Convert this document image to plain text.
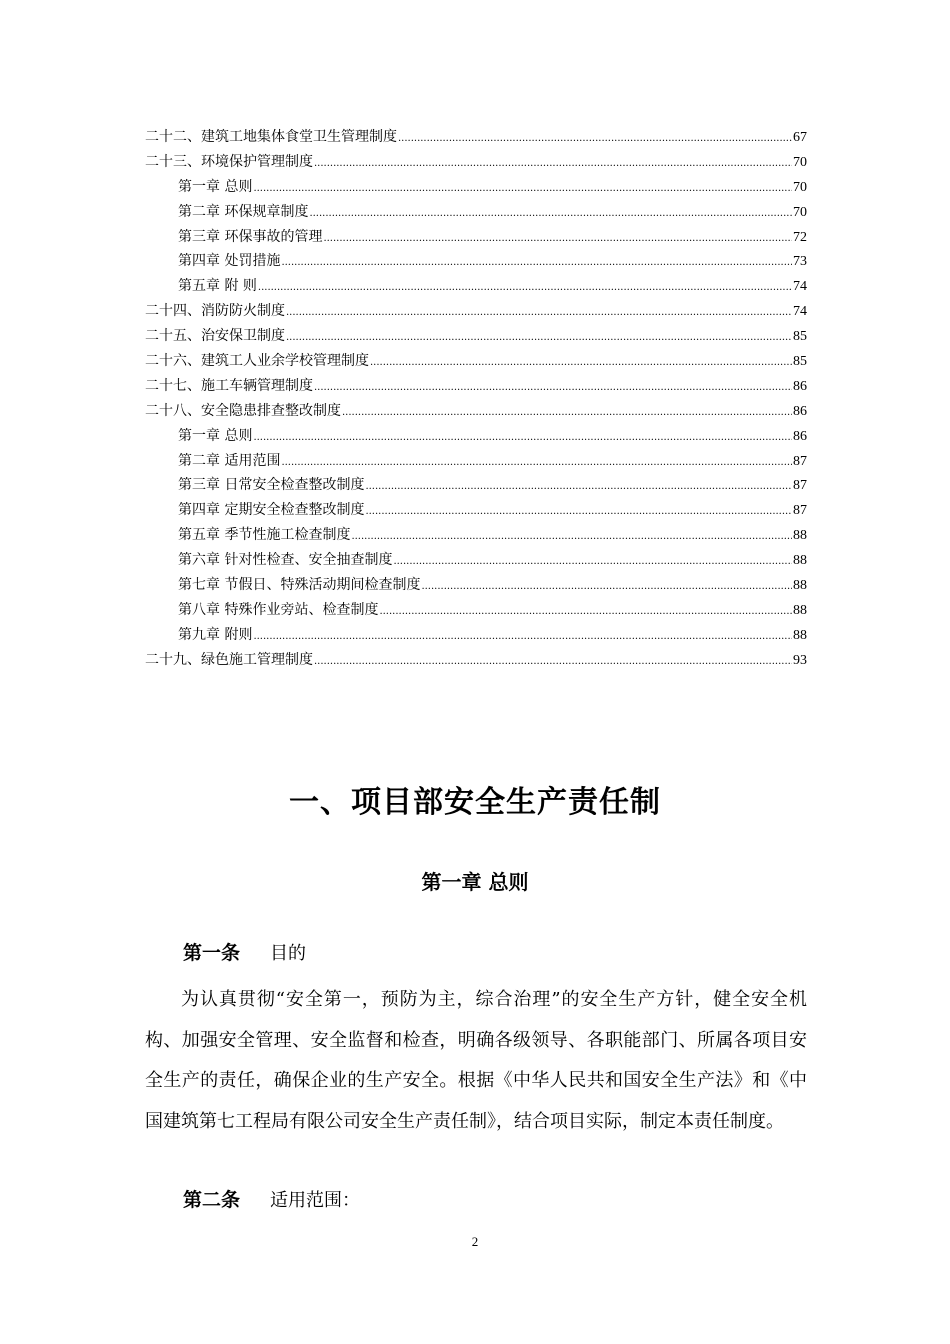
二十二、建筑工地集体食堂卫生管理制度 .....	67
二十三、环境保护管理制度 .....	70
第一章 总则 .....	70
第二章 环保规章制度 .....	70
第三章 环保事故的管理 .....	72
第四章 处罚措施 .....	73
第五章 附 则 .....	74
二十四、消防防火制度 .....	74
二十五、治安保卫制度 .....	85
二十六、建筑工人业余学校管理制度 .....	85
二十七、施工车辆管理制度 .....	86
二十八、安全隐患排查整改制度 .....	86
第一章 总则 .....	86
第二章 适用范围 .....	87
第三章 日常安全检查整改制度 .....	87
第四章 定期安全检查整改制度 .....	87
第五章 季节性施工检查制度 .....	88
第六章 针对性检查、安全抽查制度 .....	88
第七章 节假日、特殊活动期间检查制度 .....	88
第八章 特殊作业旁站、检查制度 .....	88
第九章 附则 .....	88
二十九、绿色施工管理制度 .....	93
一、项目部安全生产责任制
第一章 总则
第一条 目的
为认真贯彻“安全第一，预防为主，综合治理”的安全生产方针，健全安全机构、加强安全管理、安全监督和检查，明确各级领导、各职能部门、所属各项目安全生产的责任，确保企业的生产安全。根据《中华人民共和国安全生产法》和《中国建筑第七工程局有限公司安全生产责任制》，结合项目实际，制定本责任制度。
第二条 适用范围：
2
